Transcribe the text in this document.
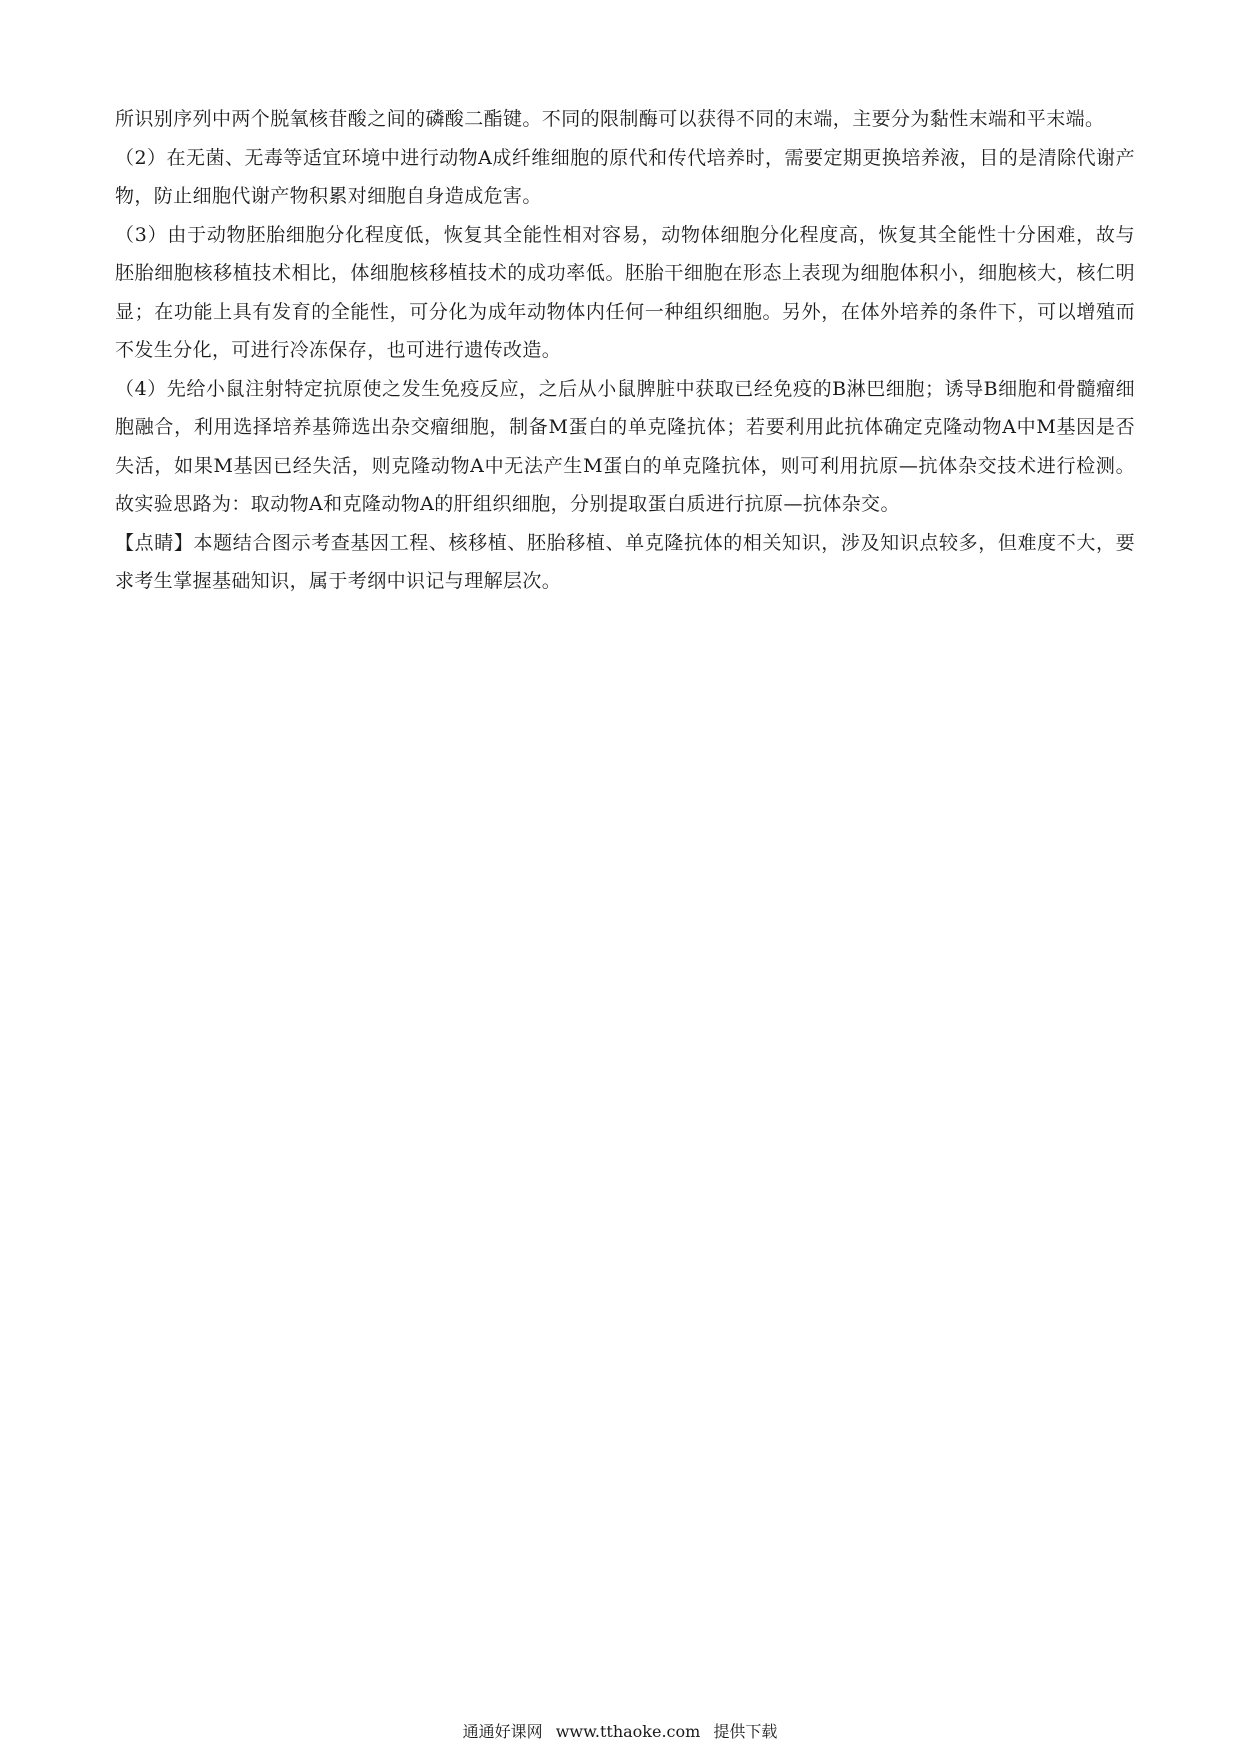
所识别序列中两个脱氧核苷酸之间的磷酸二酯键。不同的限制酶可以获得不同的末端，主要分为黏性末端和平末端。

（2）在无菌、无毒等适宜环境中进行动物A成纤维细胞的原代和传代培养时，需要定期更换培养液，目的是清除代谢产物，防止细胞代谢产物积累对细胞自身造成危害。

（3）由于动物胚胎细胞分化程度低，恢复其全能性相对容易，动物体细胞分化程度高，恢复其全能性十分困难，故与胚胎细胞核移植技术相比，体细胞核移植技术的成功率低。胚胎干细胞在形态上表现为细胞体积小，细胞核大，核仁明显；在功能上具有发育的全能性，可分化为成年动物体内任何一种组织细胞。另外，在体外培养的条件下，可以增殖而不发生分化，可进行冷冻保存，也可进行遗传改造。

（4）先给小鼠注射特定抗原使之发生免疫反应，之后从小鼠脾脏中获取已经免疫的B淋巴细胞；诱导B细胞和骨髓瘤细胞融合，利用选择培养基筛选出杂交瘤细胞，制备M蛋白的单克隆抗体；若要利用此抗体确定克隆动物A中M基因是否失活，如果M基因已经失活，则克隆动物A中无法产生M蛋白的单克隆抗体，则可利用抗原—抗体杂交技术进行检测。故实验思路为：取动物A和克隆动物A的肝组织细胞，分别提取蛋白质进行抗原—抗体杂交。

【点睛】本题结合图示考查基因工程、核移植、胚胎移植、单克隆抗体的相关知识，涉及知识点较多，但难度不大，要求考生掌握基础知识，属于考纲中识记与理解层次。

通通好课网 www.tthaoke.com 提供下载
